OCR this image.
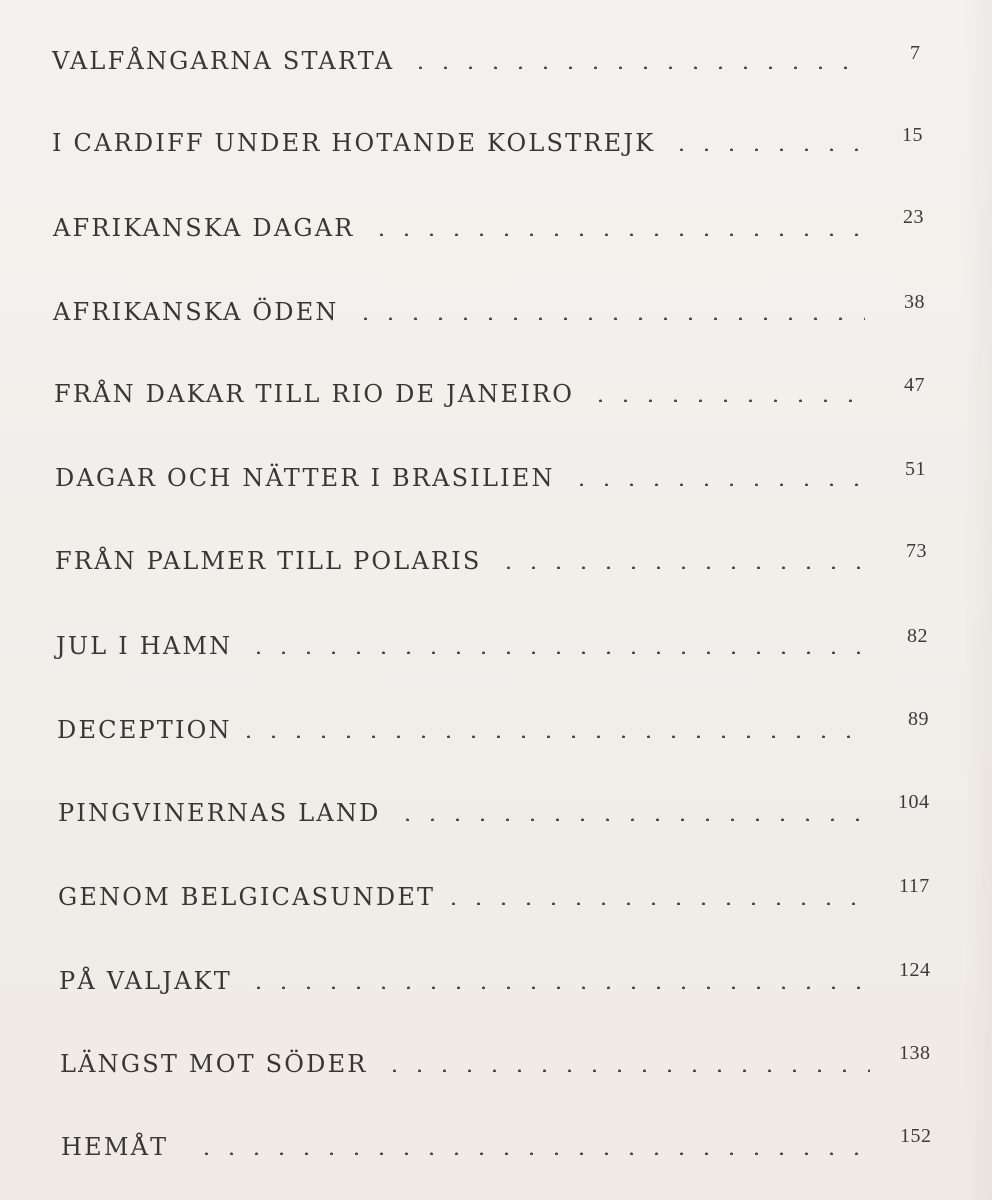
VALFÅNGARNA STARTA	7
I CARDIFF UNDER HOTANDE KOLSTREJK	15
AFRIKANSKA DAGAR	23
AFRIKANSKA ÖDEN	38
FRÅN DAKAR TILL RIO DE JANEIRO	47
DAGAR OCH NÄTTER I BRASILIEN	51
FRÅN PALMER TILL POLARIS	73
JUL I HAMN	82
DECEPTION	89
PINGVINERNAS LAND	104
GENOM BELGICASUNDET	117
PÅ VALJAKT	124
LÄNGST MOT SÖDER	138
HEMÅT	152
